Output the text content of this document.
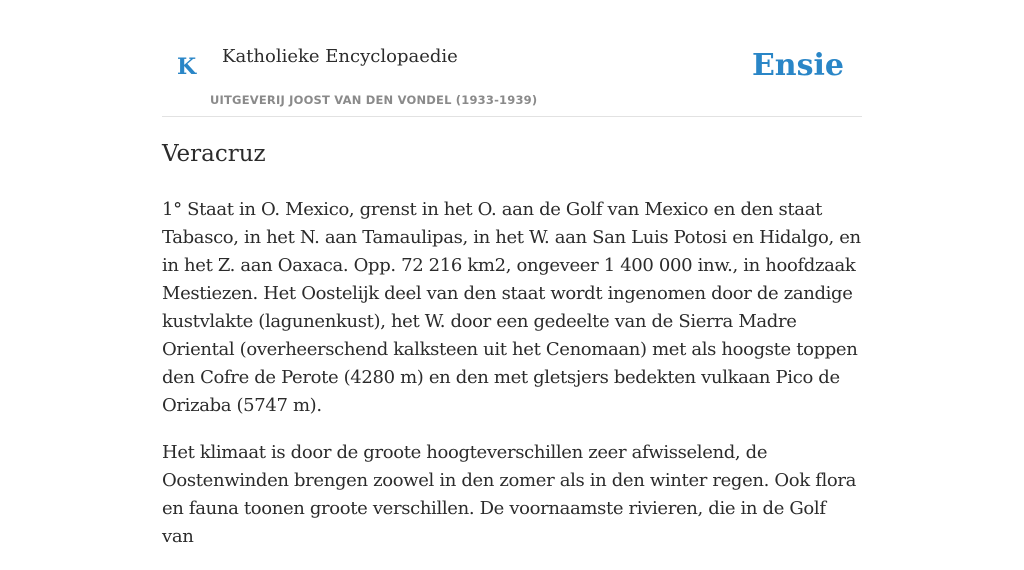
K Katholieke Encyclopaedie
UITGEVERIJ JOOST VAN DEN VONDEL (1933-1939)
Ensie
Veracruz

1° Staat in O. Mexico, grenst in het O. aan de Golf van Mexico en den staat Tabasco, in het N. aan Tamaulipas, in het W. aan San Luis Potosi en Hidalgo, en in het Z. aan Oaxaca. Opp. 72 216 km2, ongeveer 1 400 000 inw., in hoofdzaak Mestiezen. Het Oostelijk deel van den staat wordt ingenomen door de zandige kustvlakte (lagunenkust), het W. door een gedeelte van de Sierra Madre Oriental (overheerschend kalksteen uit het Cenomaan) met als hoogste toppen den Cofre de Perote (4280 m) en den met gletsjers bedekten vulkaan Pico de Orizaba (5747 m).

Het klimaat is door de groote hoogteverschillen zeer afwisselend, de Oostenwinden brengen zoowel in den zomer als in den winter regen. Ook flora en fauna toonen groote verschillen. De voornaamste rivieren, die in de Golf van
